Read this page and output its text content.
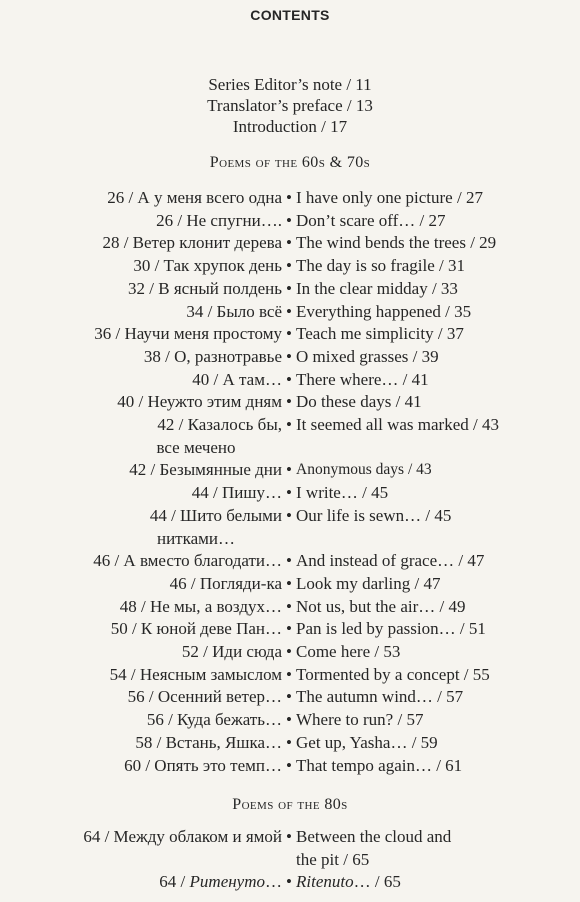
CONTENTS
Series Editor’s note / 11
Translator’s preface / 13
Introduction / 17
Poems of the 60s & 70s
26 / А у меня всего одна • I have only one picture / 27
26 / Не спугни…. • Don’t scare off… / 27
28 / Ветер клонит дерева • The wind bends the trees / 29
30 / Так хрупок день • The day is so fragile / 31
32 / В ясный полдень • In the clear midday / 33
34 / Было всё • Everything happened / 35
36 / Научи меня простому • Teach me simplicity / 37
38 / О, разнотравье • O mixed grasses / 39
40 / А там… • There where… / 41
40 / Неужто этим дням • Do these days / 41
42 / Казалось бы,
все мечено
• It seemed all was marked / 43
42 / Безымянные дни • Anonymous days / 43
44 / Пишу… • I write… / 45
44 / Шито белыми
нитками…
• Our life is sewn… / 45
46 / А вместо благодати… • And instead of grace… / 47
46 / Погляди-ка • Look my darling / 47
48 / Не мы, а воздух… • Not us, but the air… / 49
50 / К юной деве Пан… • Pan is led by passion… / 51
52 / Иди сюда • Come here / 53
54 / Неясным замыслом • Tormented by a concept / 55
56 / Осенний ветер… • The autumn wind… / 57
56 / Куда бежать… • Where to run? / 57
58 / Встань, Яшка… • Get up, Yasha… / 59
60 / Опять это темп… • That tempo again… / 61
Poems of the 80s
64 / Между облаком и ямой • Between the cloud and
the pit / 65
64 / Ритенуто… • Ritenuto… / 65
